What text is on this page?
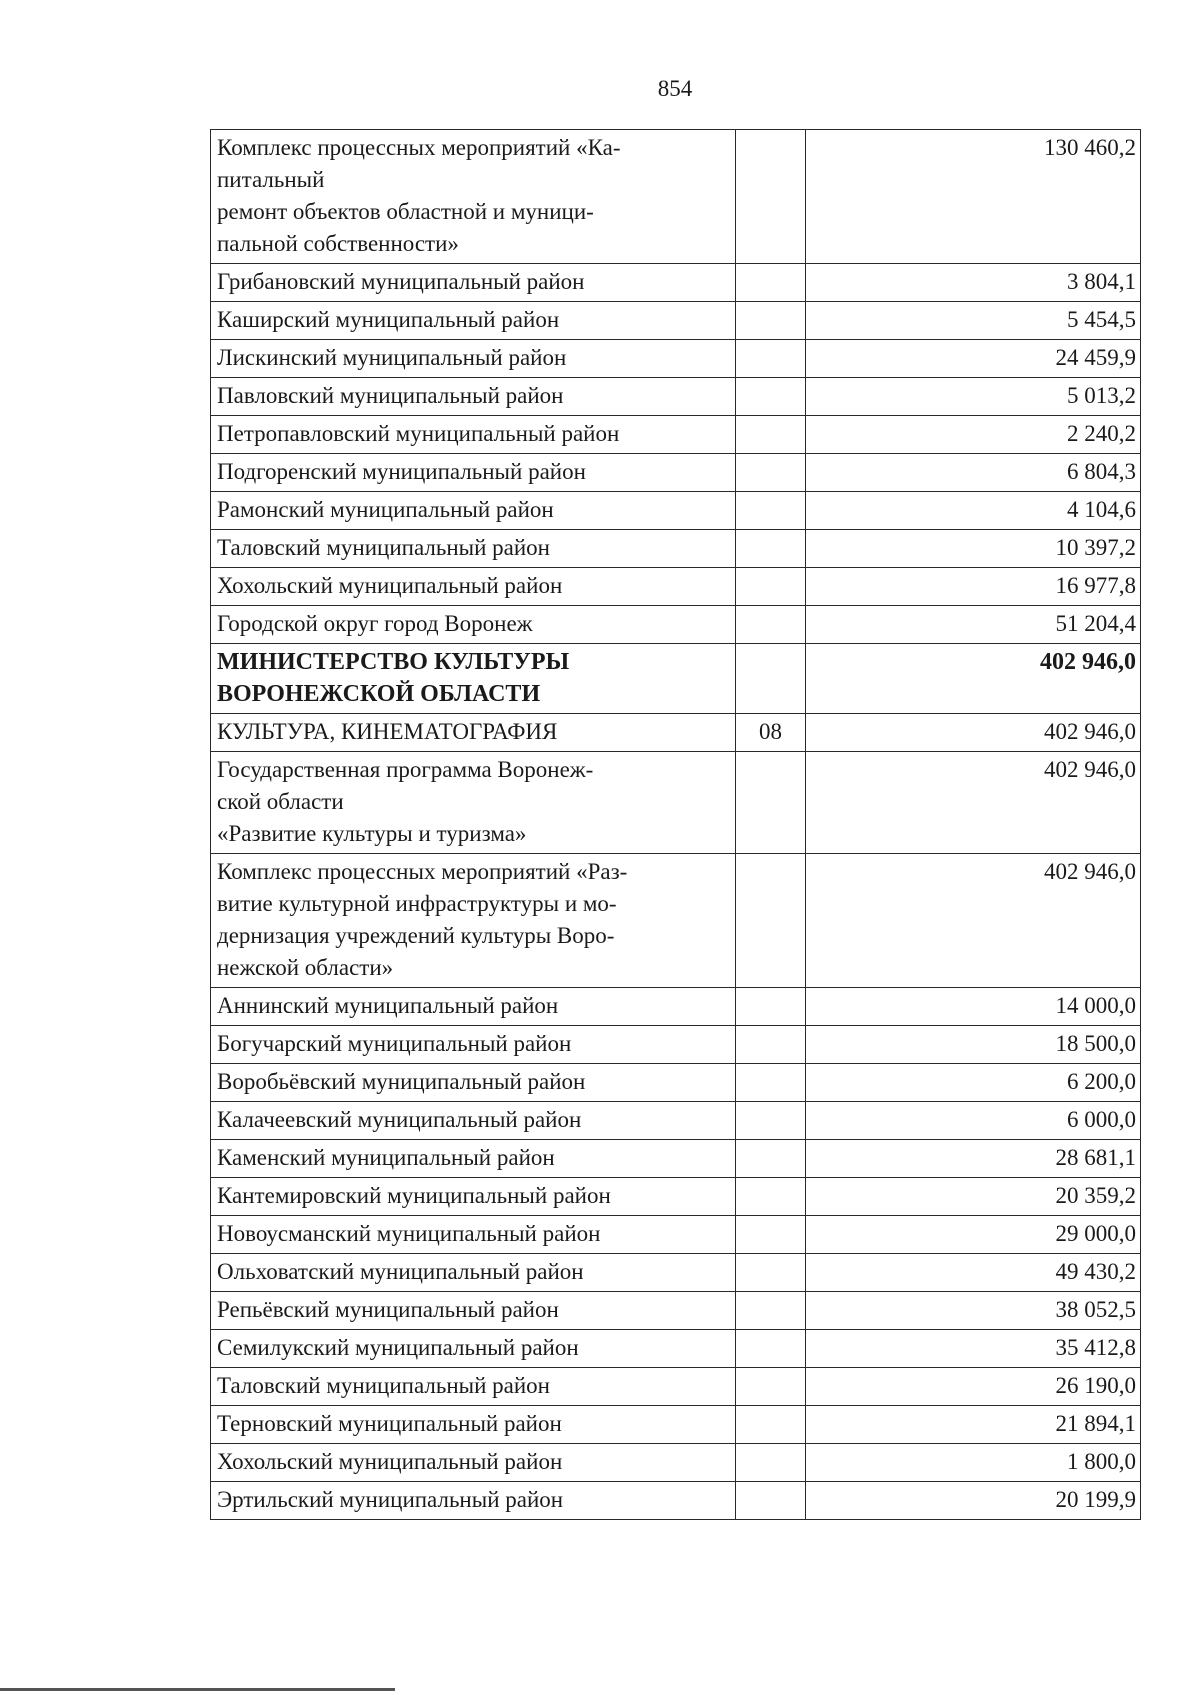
854
Комплекс процессных мероприятий «Ка-
питальный
ремонт объектов областной и муници-
пальной собственности»		130 460,2

Грибановский муниципальный район		3 804,1

Каширский муниципальный район		5 454,5

Лискинский муниципальный район		24 459,9

Павловский муниципальный район		5 013,2

Петропавловский муниципальный район		2 240,2

Подгоренский муниципальный район		6 804,3

Рамонский муниципальный район		4 104,6

Таловский муниципальный район		10 397,2

Хохольский муниципальный район		16 977,8

Городской округ город Воронеж		51 204,4

МИНИСТЕРСТВО КУЛЬТУРЫ
ВОРОНЕЖСКОЙ ОБЛАСТИ		402 946,0

КУЛЬТУРА, КИНЕМАТОГРАФИЯ	08	402 946,0

Государственная программа Воронеж-
ской области
«Развитие культуры и туризма»		402 946,0

Комплекс процессных мероприятий «Раз-
витие культурной инфраструктуры и мо-
дернизация учреждений культуры Воро-
нежской области»		402 946,0

Аннинский муниципальный район		14 000,0

Богучарский муниципальный район		18 500,0

Воробьёвский муниципальный район		6 200,0

Калачеевский муниципальный район		6 000,0

Каменский муниципальный район		28 681,1

Кантемировский муниципальный район		20 359,2

Новоусманский муниципальный район		29 000,0

Ольховатский муниципальный район		49 430,2

Репьёвский муниципальный район		38 052,5

Семилукский муниципальный район		35 412,8

Таловский муниципальный район		26 190,0

Терновский муниципальный район		21 894,1

Хохольский муниципальный район		1 800,0

Эртильский муниципальный район		20 199,9
